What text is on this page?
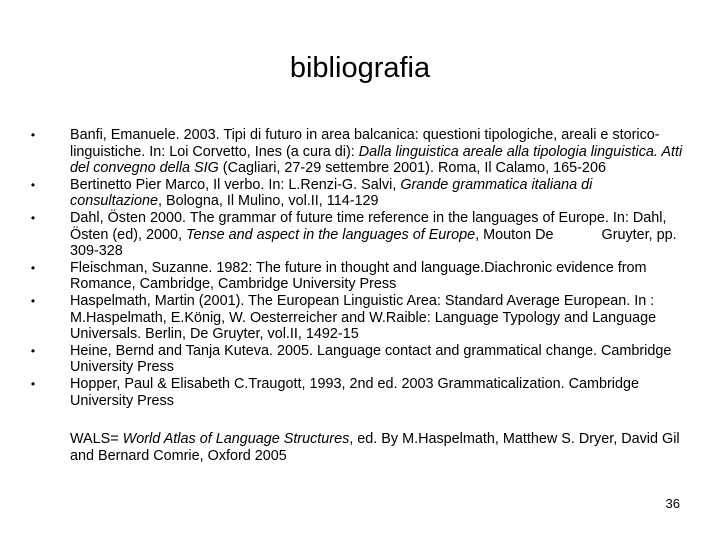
bibliografia
• Banfi, Emanuele. 2003. Tipi di futuro in area balcanica: questioni tipologiche, areali e storico-linguistiche. In: Loi Corvetto, Ines (a cura di): Dalla linguistica areale alla tipologia linguistica. Atti del convegno della SIG (Cagliari, 27-29 settembre 2001). Roma, Il Calamo, 165-206
• Bertinetto Pier Marco, Il verbo. In: L.Renzi-G. Salvi, Grande grammatica italiana di consultazione, Bologna, Il Mulino, vol.II, 114-129
• Dahl, Östen 2000. The grammar of future time reference in the languages of Europe. In: Dahl, Östen (ed), 2000, Tense and aspect in the languages of Europe, Mouton De	Gruyter, pp. 309-328
• Fleischman, Suzanne. 1982: The future in thought and language.Diachronic evidence from Romance, Cambridge, Cambridge University Press
• Haspelmath, Martin (2001). The European Linguistic Area: Standard Average European. In : M.Haspelmath, E.König, W. Oesterreicher and W.Raible: Language Typology and Language Universals. Berlin, De Gruyter, vol.II, 1492-15
• Heine, Bernd and Tanja Kuteva. 2005. Language contact and grammatical change. Cambridge University Press
• Hopper, Paul & Elisabeth C.Traugott, 1993, 2nd ed. 2003 Grammaticalization. Cambridge University Press
WALS= World Atlas of Language Structures, ed. By M.Haspelmath, Matthew S. Dryer, David Gil and Bernard Comrie, Oxford 2005
36
